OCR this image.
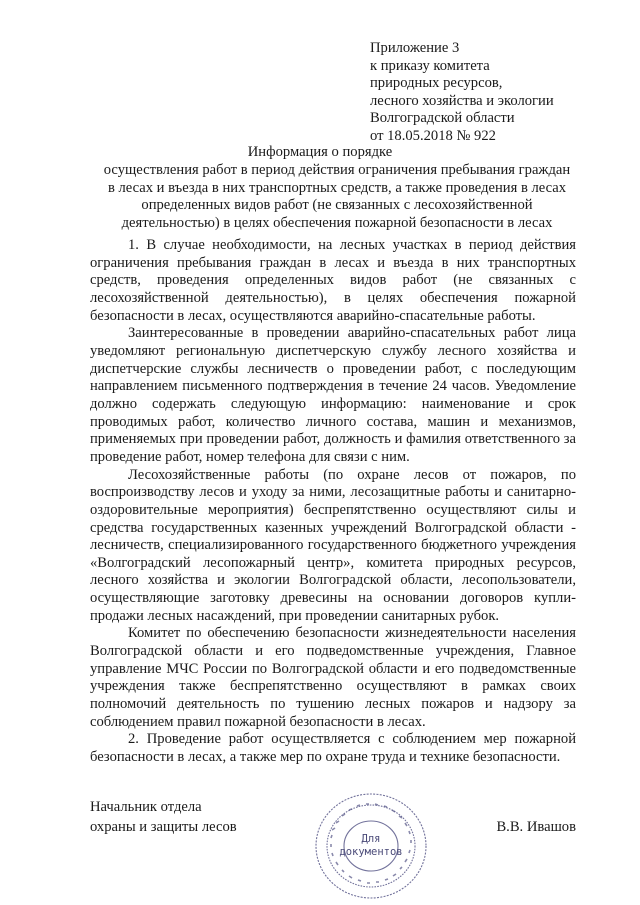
Приложение 3
к приказу комитета
природных ресурсов,
лесного хозяйства и экологии
Волгоградской области
от 18.05.2018 № 922
Информация о порядке
осуществления работ в период действия ограничения пребывания граждан
в лесах и въезда в них транспортных средств, а также проведения в лесах
определенных видов работ (не связанных с лесохозяйственной
деятельностью) в целях обеспечения пожарной безопасности в лесах

1. В случае необходимости, на лесных участках в период действия ограничения пребывания граждан в лесах и въезда в них транспортных средств, проведения определенных видов работ (не связанных с лесохозяйственной деятельностью), в целях обеспечения пожарной безопасности в лесах, осуществляются аварийно-спасательные работы.

Заинтересованные в проведении аварийно-спасательных работ лица уведомляют региональную диспетчерскую службу лесного хозяйства и диспетчерские службы лесничеств о проведении работ, с последующим направлением письменного подтверждения в течение 24 часов. Уведомление должно содержать следующую информацию: наименование и срок проводимых работ, количество личного состава, машин и механизмов, применяемых при проведении работ, должность и фамилия ответственного за проведение работ, номер телефона для связи с ним.

Лесохозяйственные работы (по охране лесов от пожаров, по воспроизводству лесов и уходу за ними, лесозащитные работы и санитарно-оздоровительные мероприятия) беспрепятственно осуществляют силы и средства государственных казенных учреждений Волгоградской области - лесничеств, специализированного государственного бюджетного учреждения «Волгоградский лесопожарный центр», комитета природных ресурсов, лесного хозяйства и экологии Волгоградской области, лесопользователи, осуществляющие заготовку древесины на основании договоров купли-продажи лесных насаждений, при проведении санитарных рубок.

Комитет по обеспечению безопасности жизнедеятельности населения Волгоградской области и его подведомственные учреждения, Главное управление МЧС России по Волгоградской области и его подведомственные учреждения также беспрепятственно осуществляют в рамках своих полномочий деятельность по тушению лесных пожаров и надзору за соблюдением правил пожарной безопасности в лесах.

2. Проведение работ осуществляется с соблюдением мер пожарной безопасности в лесах, а также мер по охране труда и технике безопасности.

Начальник отдела
охраны и защиты лесов	В.В. Ивашов
Для
документов
